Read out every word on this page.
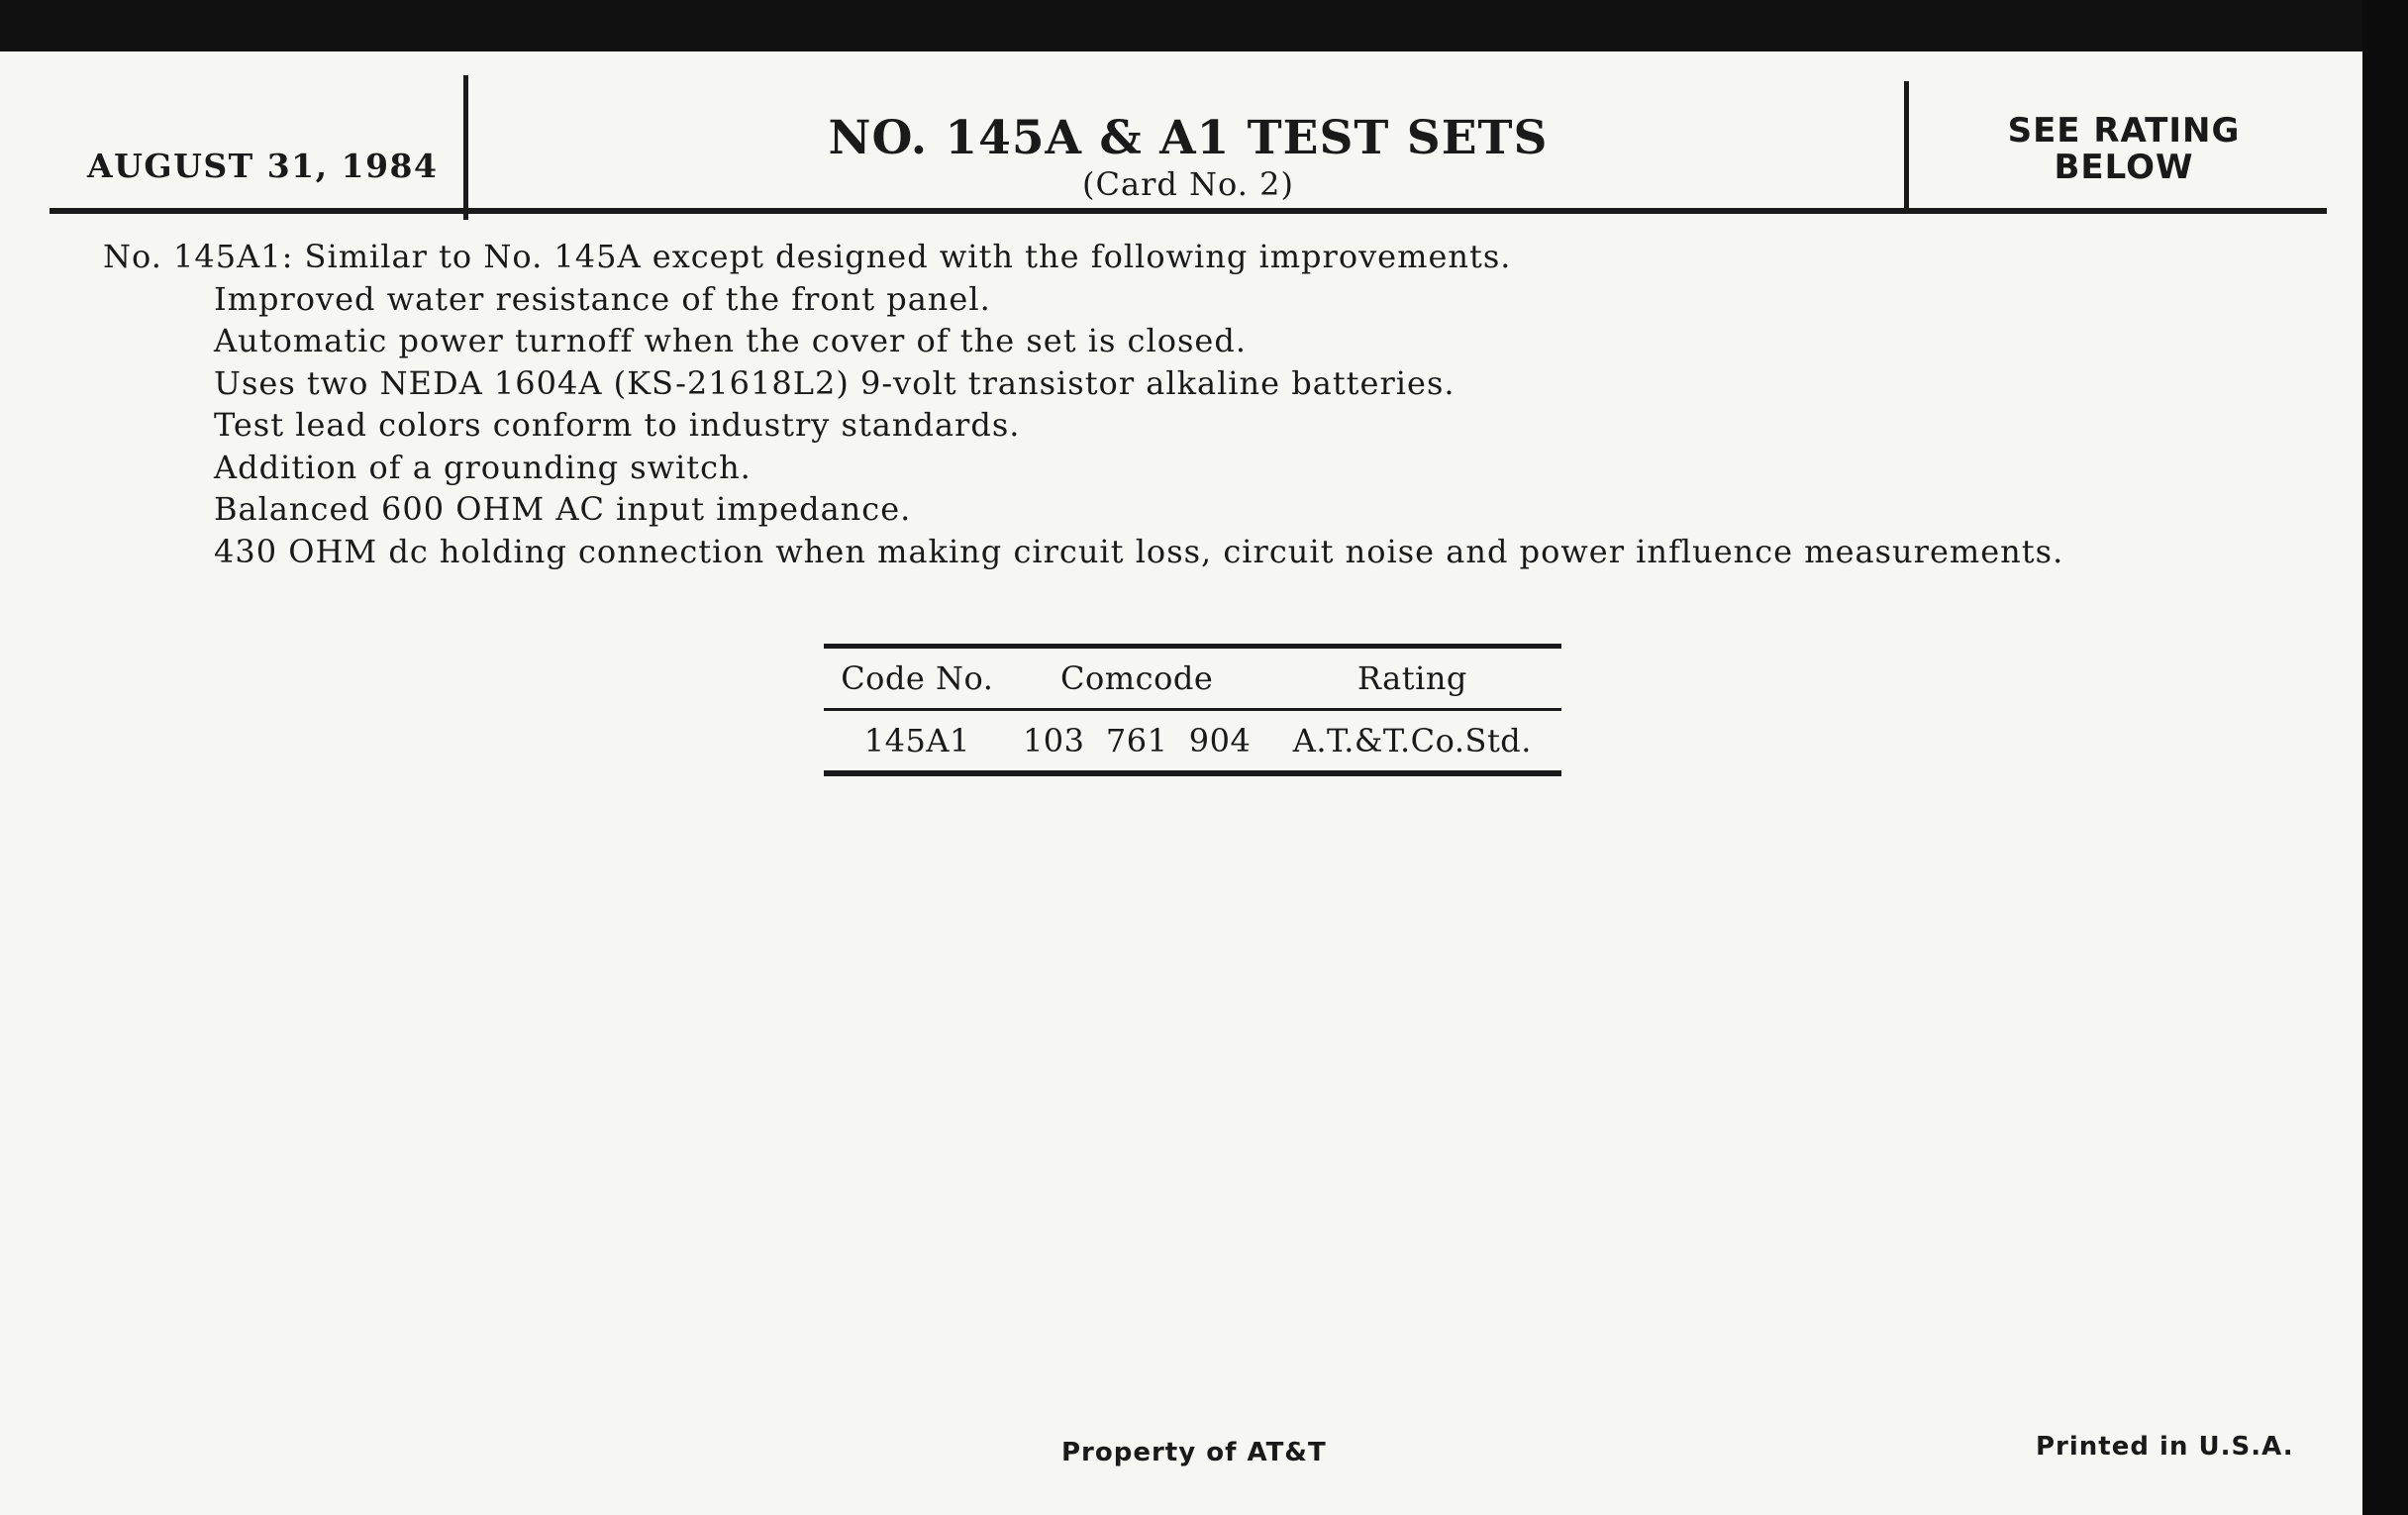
AUGUST 31, 1984
NO. 145A & A1 TEST SETS
(Card No. 2)
SEE RATING
BELOW
No. 145A1: Similar to No. 145A except designed with the following improvements.
Improved water resistance of the front panel.
Automatic power turnoff when the cover of the set is closed.
Uses two NEDA 1604A (KS-21618L2) 9-volt transistor alkaline batteries.
Test lead colors conform to industry standards.
Addition of a grounding switch.
Balanced 600 OHM AC input impedance.
430 OHM dc holding connection when making circuit loss, circuit noise and power influence measurements.
Code No.	Comcode	Rating
145A1	103  761  904	A.T.&T.Co.Std.
Property of AT&T	Printed in U.S.A.
